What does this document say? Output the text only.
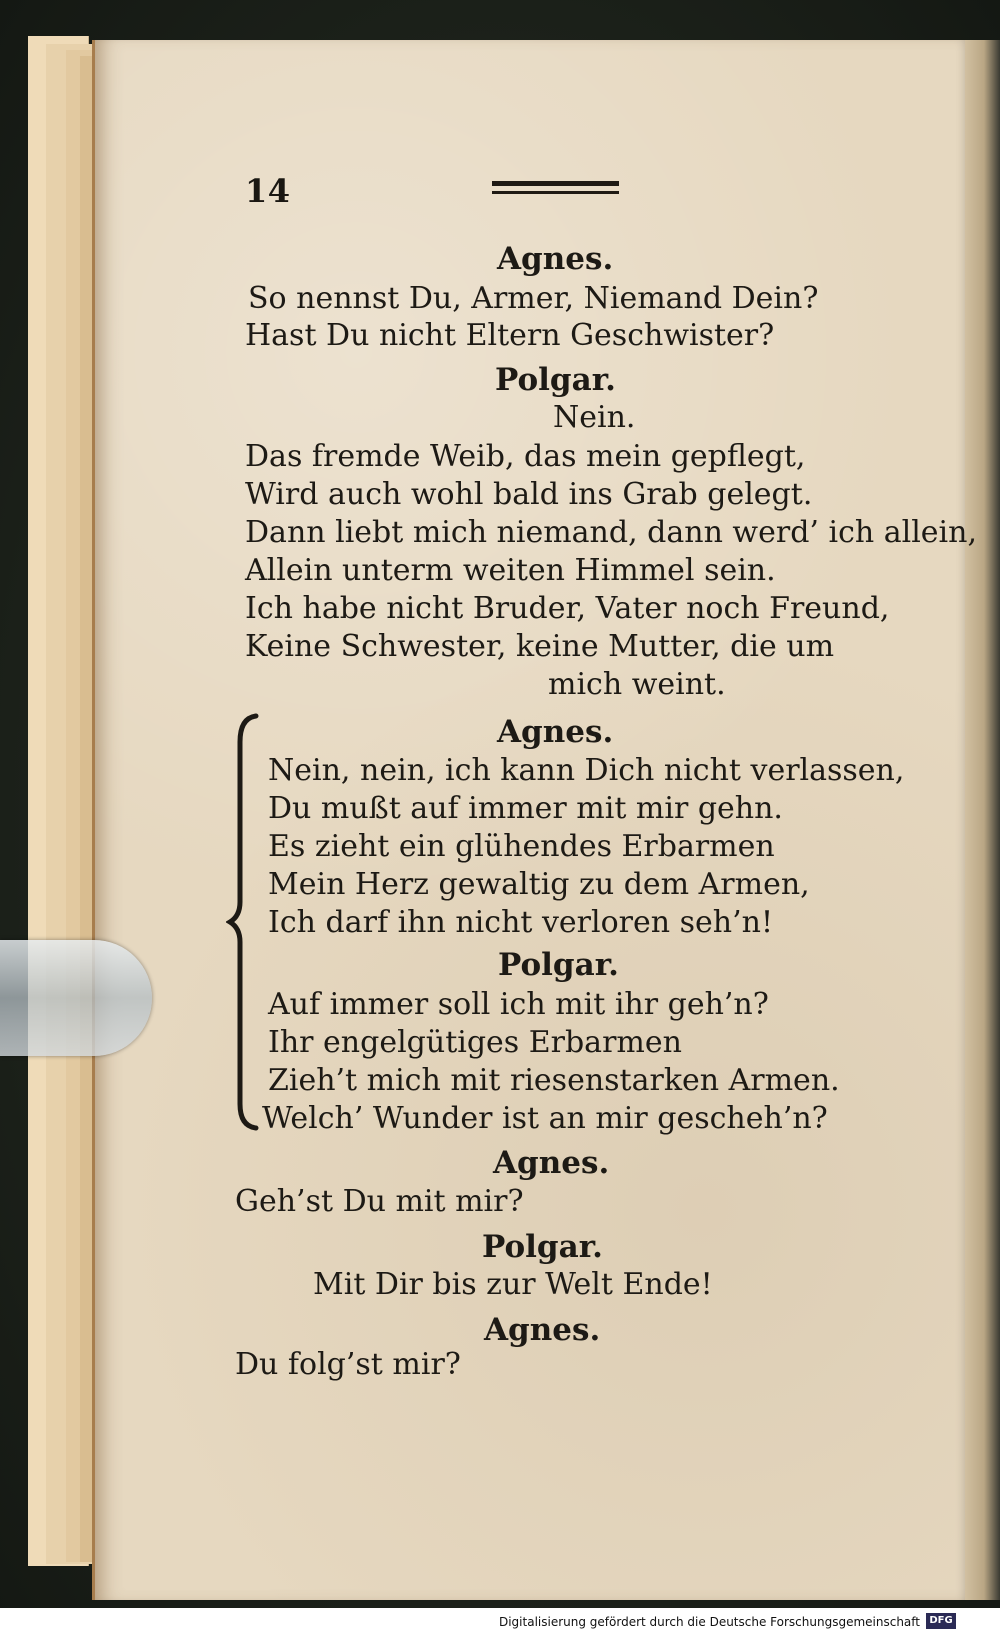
14
Agnes.
So nennst Du, Armer, Niemand Dein?
Hast Du nicht Eltern Geschwister?
Polgar.
Nein.
Das fremde Weib, das mein gepflegt,
Wird auch wohl bald ins Grab gelegt.
Dann liebt mich niemand, dann werd’ ich allein,
Allein unterm weiten Himmel sein.
Ich habe nicht Bruder, Vater noch Freund,
Keine Schwester, keine Mutter, die um
mich weint.
Agnes.
Nein, nein, ich kann Dich nicht verlassen,
Du mußt auf immer mit mir gehn.
Es zieht ein glühendes Erbarmen
Mein Herz gewaltig zu dem Armen,
Ich darf ihn nicht verloren seh’n!
Polgar.
Auf immer soll ich mit ihr geh’n?
Ihr engelgütiges Erbarmen
Zieh’t mich mit riesenstarken Armen.
Welch’ Wunder ist an mir gescheh’n?
Agnes.
Geh’st Du mit mir?
Polgar.
Mit Dir bis zur Welt Ende!
Agnes.
Du folg’st mir?
Digitalisierung gefördert durch die Deutsche Forschungsgemeinschaft DFG
